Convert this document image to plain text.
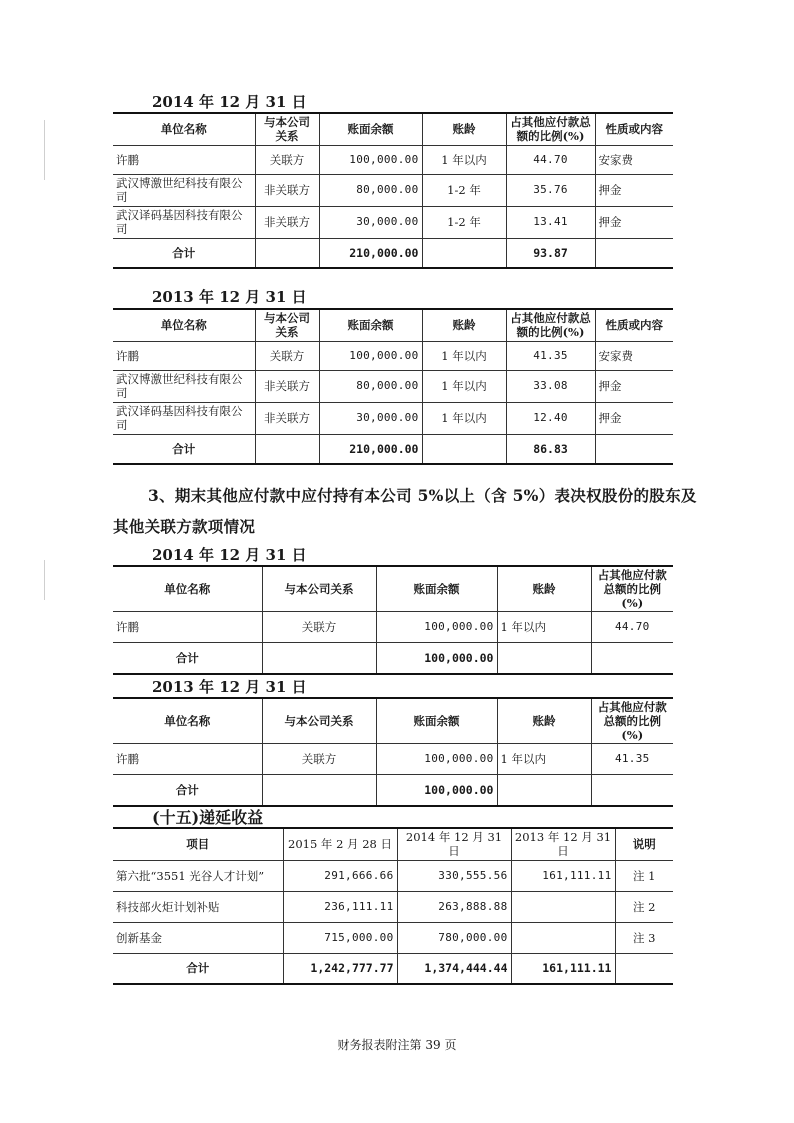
2014 年 12 月 31 日
单位名称	与本公司关系	账面余额	账龄	占其他应付款总额的比例(%)	性质或内容
许鹏	关联方	100,000.00	1 年以内	44.70	安家费
武汉博激世纪科技有限公司	非关联方	80,000.00	1-2 年	35.76	押金
武汉译码基因科技有限公司	非关联方	30,000.00	1-2 年	13.41	押金
合计		210,000.00		93.87	
2013 年 12 月 31 日
单位名称	与本公司关系	账面余额	账龄	占其他应付款总额的比例(%)	性质或内容
许鹏	关联方	100,000.00	1 年以内	41.35	安家费
武汉博激世纪科技有限公司	非关联方	80,000.00	1 年以内	33.08	押金
武汉译码基因科技有限公司	非关联方	30,000.00	1 年以内	12.40	押金
合计		210,000.00		86.83	
3、期末其他应付款中应付持有本公司 5%以上（含 5%）表决权股份的股东及
其他关联方款项情况
2014 年 12 月 31 日
单位名称	与本公司关系	账面余额	账龄	占其他应付款总额的比例(%)
许鹏	关联方	100,000.00	1 年以内	44.70
合计		100,000.00		
2013 年 12 月 31 日
单位名称	与本公司关系	账面余额	账龄	占其他应付款总额的比例(%)
许鹏	关联方	100,000.00	1 年以内	41.35
合计		100,000.00		
(十五)递延收益
项目	2015 年 2 月 28 日	2014 年 12 月 31 日	2013 年 12 月 31 日	说明
第六批“3551 光谷人才计划”	291,666.66	330,555.56	161,111.11	注 1
科技部火炬计划补贴	236,111.11	263,888.88		注 2
创新基金	715,000.00	780,000.00		注 3
合计	1,242,777.77	1,374,444.44	161,111.11	
财务报表附注第 39 页
